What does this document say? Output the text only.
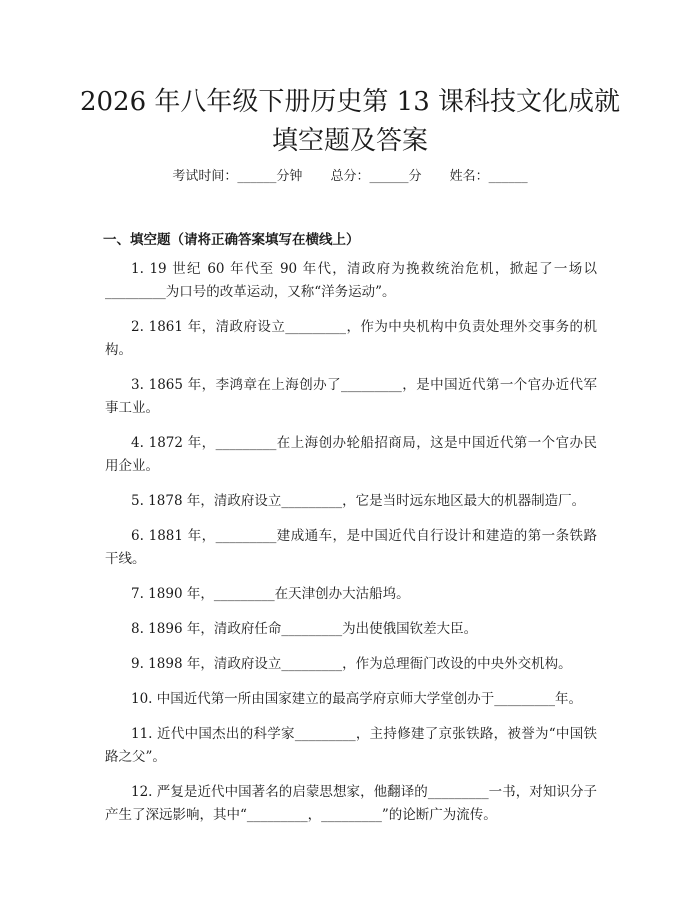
2026 年八年级下册历史第 13 课科技文化成就填空题及答案
考试时间：______分钟 总分：______分 姓名：______
一、填空题（请将正确答案填写在横线上）

1. 19 世纪 60 年代至 90 年代，清政府为挽救统治危机，掀起了一场以_________为口号的改革运动，又称“洋务运动”。

2. 1861 年，清政府设立_________，作为中央机构中负责处理外交事务的机构。

3. 1865 年，李鸿章在上海创办了_________，是中国近代第一个官办近代军事工业。

4. 1872 年，_________在上海创办轮船招商局，这是中国近代第一个官办民用企业。

5. 1878 年，清政府设立_________，它是当时远东地区最大的机器制造厂。

6. 1881 年，_________建成通车，是中国近代自行设计和建造的第一条铁路干线。

7. 1890 年，_________在天津创办大沽船坞。

8. 1896 年，清政府任命_________为出使俄国钦差大臣。

9. 1898 年，清政府设立_________，作为总理衙门改设的中央外交机构。

10. 中国近代第一所由国家建立的最高学府京师大学堂创办于_________年。

11. 近代中国杰出的科学家_________，主持修建了京张铁路，被誉为“中国铁路之父”。

12. 严复是近代中国著名的启蒙思想家，他翻译的_________一书，对知识分子产生了深远影响，其中“_________，_________”的论断广为流传。
